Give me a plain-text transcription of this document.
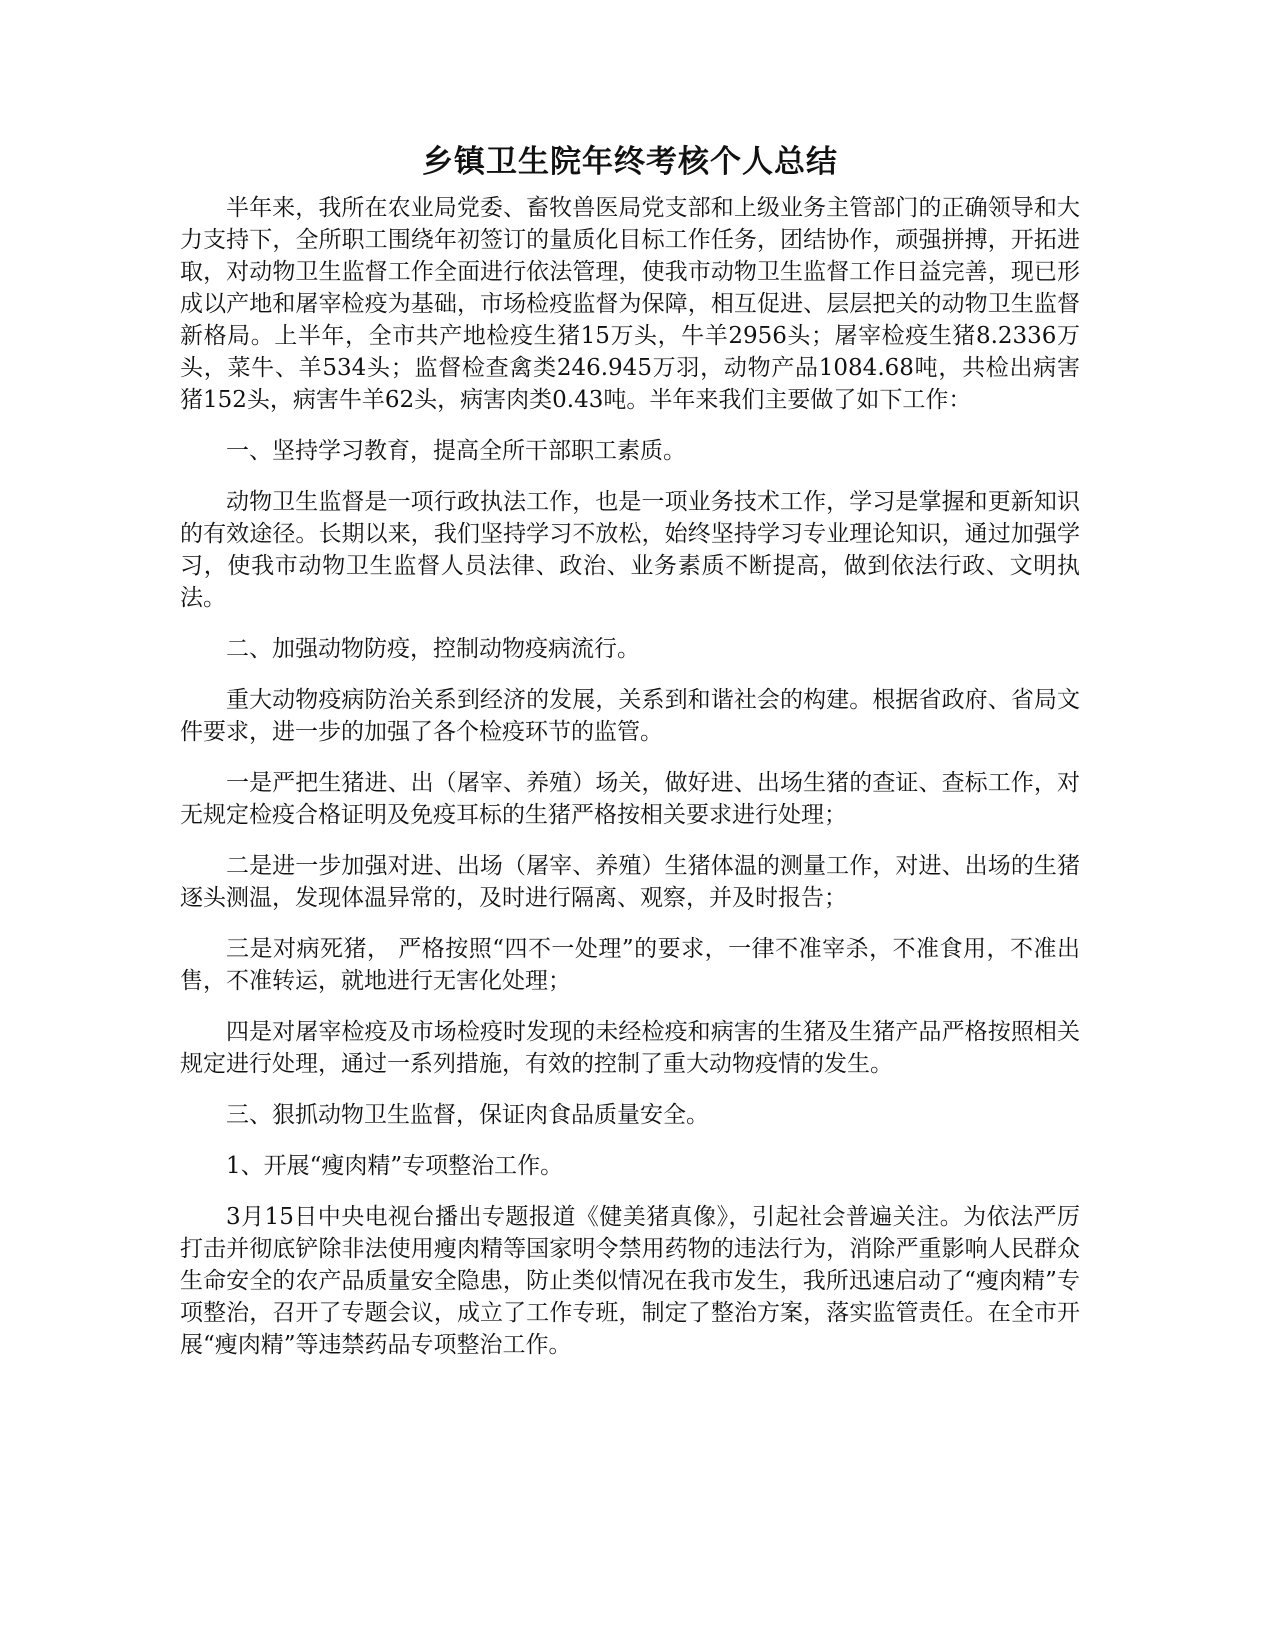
乡镇卫生院年终考核个人总结

半年来，我所在农业局党委、畜牧兽医局党支部和上级业务主管部门的正确领导和大力支持下，全所职工围绕年初签订的量质化目标工作任务，团结协作，顽强拼搏，开拓进取，对动物卫生监督工作全面进行依法管理，使我市动物卫生监督工作日益完善，现已形成以产地和屠宰检疫为基础，市场检疫监督为保障，相互促进、层层把关的动物卫生监督新格局。上半年，全市共产地检疫生猪15万头，牛羊2956头；屠宰检疫生猪8.2336万头，菜牛、羊534头；监督检查禽类246.945万羽，动物产品1084.68吨，共检出病害猪152头，病害牛羊62头，病害肉类0.43吨。半年来我们主要做了如下工作：

一、坚持学习教育，提高全所干部职工素质。

动物卫生监督是一项行政执法工作，也是一项业务技术工作，学习是掌握和更新知识的有效途径。长期以来，我们坚持学习不放松，始终坚持学习专业理论知识，通过加强学习，使我市动物卫生监督人员法律、政治、业务素质不断提高，做到依法行政、文明执法。

二、加强动物防疫，控制动物疫病流行。

重大动物疫病防治关系到经济的发展，关系到和谐社会的构建。根据省政府、省局文件要求，进一步的加强了各个检疫环节的监管。

一是严把生猪进、出（屠宰、养殖）场关，做好进、出场生猪的查证、查标工作，对无规定检疫合格证明及免疫耳标的生猪严格按相关要求进行处理；

二是进一步加强对进、出场（屠宰、养殖）生猪体温的测量工作，对进、出场的生猪逐头测温，发现体温异常的，及时进行隔离、观察，并及时报告；

三是对病死猪， 严格按照“四不一处理”的要求，一律不准宰杀，不准食用，不准出售，不准转运，就地进行无害化处理；

四是对屠宰检疫及市场检疫时发现的未经检疫和病害的生猪及生猪产品严格按照相关规定进行处理，通过一系列措施，有效的控制了重大动物疫情的发生。

三、狠抓动物卫生监督，保证肉食品质量安全。

1、开展“瘦肉精”专项整治工作。

3月15日中央电视台播出专题报道《健美猪真像》，引起社会普遍关注。为依法严厉打击并彻底铲除非法使用瘦肉精等国家明令禁用药物的违法行为，消除严重影响人民群众生命安全的农产品质量安全隐患，防止类似情况在我市发生，我所迅速启动了“瘦肉精”专项整治，召开了专题会议，成立了工作专班，制定了整治方案，落实监管责任。在全市开展“瘦肉精”等违禁药品专项整治工作。
